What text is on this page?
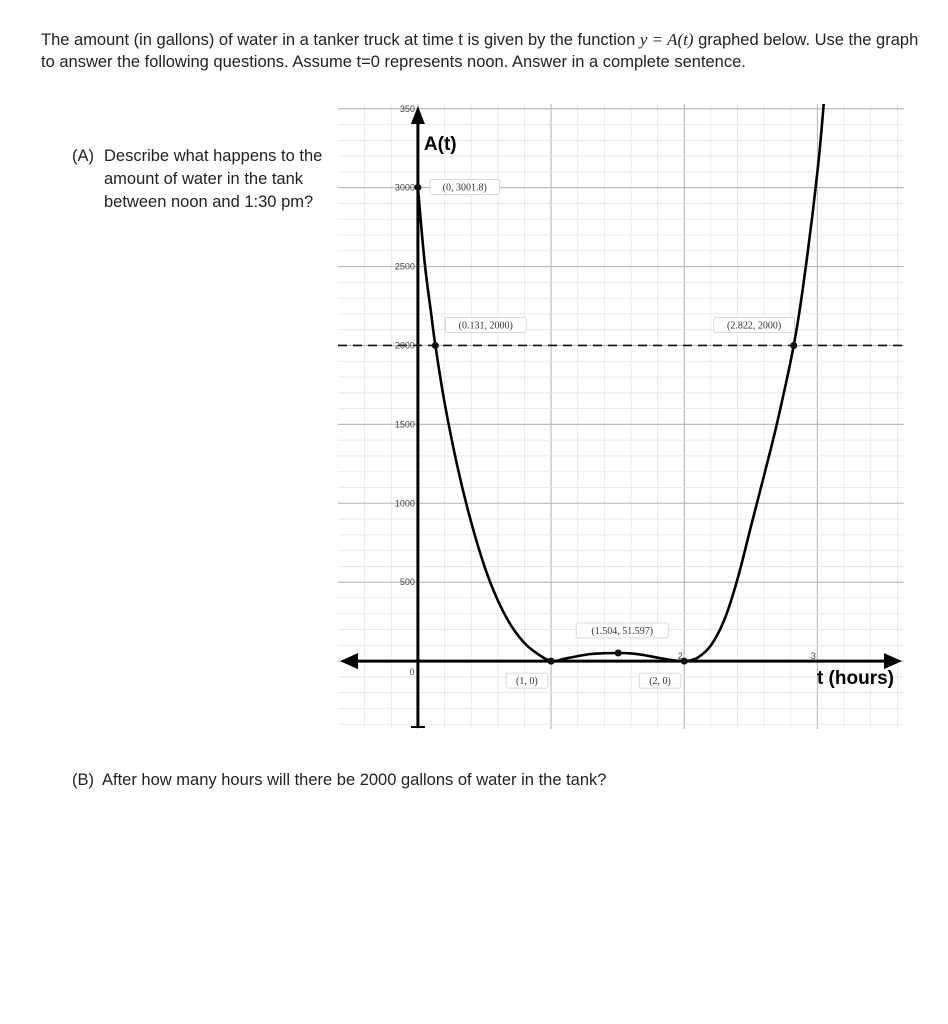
The amount (in gallons) of water in a tanker truck at time t is given by the function y = A(t) graphed below. Use the graph to answer the following questions. Assume t=0 represents noon. Answer in a complete sentence.
(A) Describe what happens to the amount of water in the tank between noon and 1:30 pm?
(B) After how many hours will there be 2000 gallons of water in the tank?
500
1000
1500
2000
2500
3000
350
0
2	3
(0, 3001.8)
(0.131, 2000)	(2.822, 2000)
(1.504, 51.597)
(1, 0)	(2, 0)
A(t)
t (hours)
